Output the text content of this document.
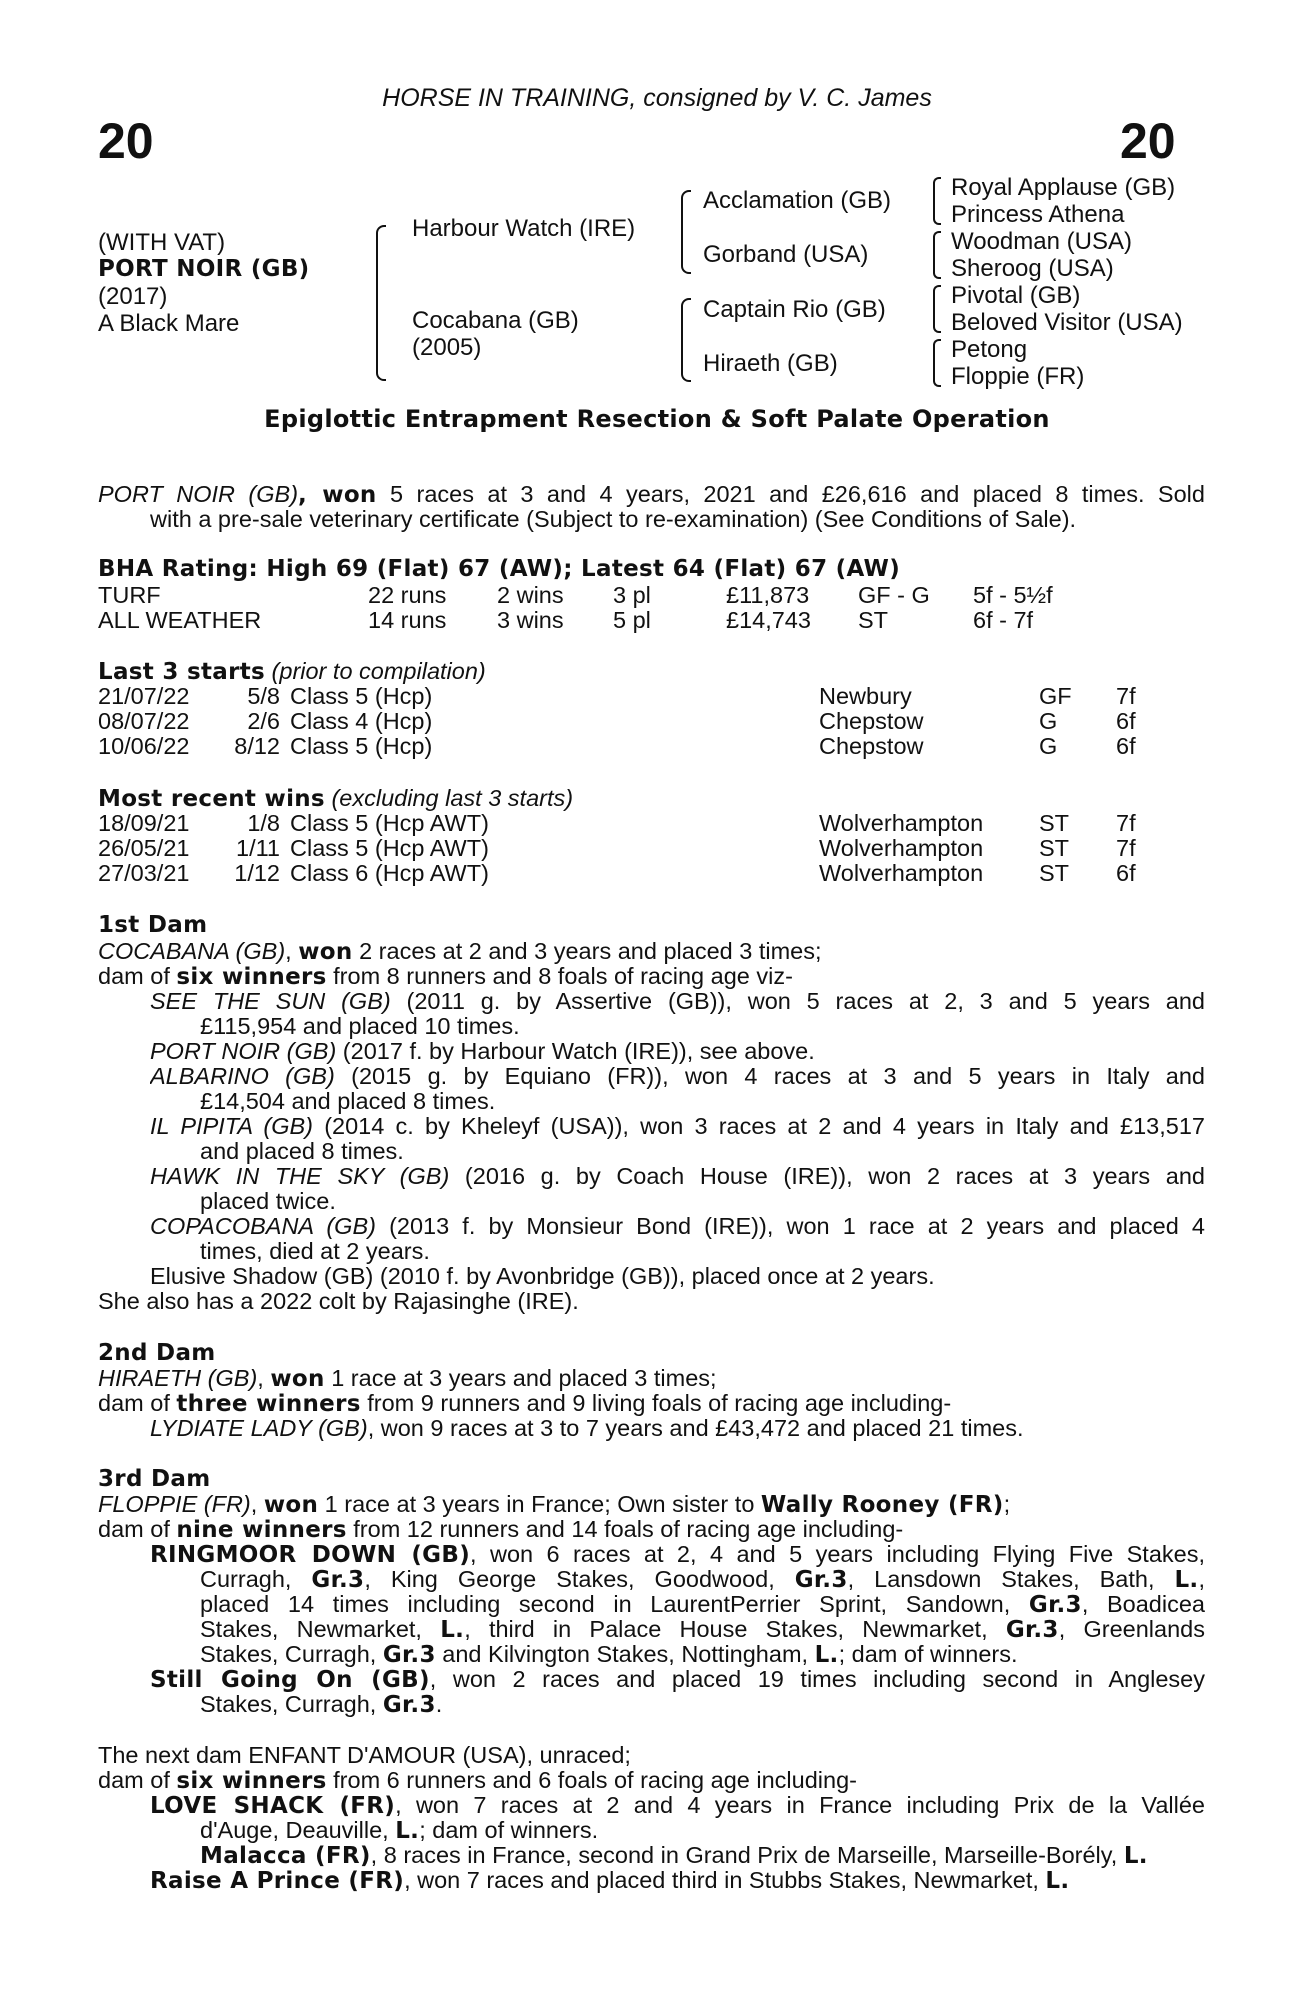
HORSE IN TRAINING, consigned by V. C. James
20	20
(WITH VAT)
PORT NOIR (GB)
(2017)
A Black Mare
Harbour Watch (IRE)
Cocabana (GB)
(2005)
Acclamation (GB)
Gorband (USA)
Captain Rio (GB)
Hiraeth (GB)
Royal Applause (GB)
Princess Athena
Woodman (USA)
Sheroog (USA)
Pivotal (GB)
Beloved Visitor (USA)
Petong
Floppie (FR)
Epiglottic Entrapment Resection & Soft Palate Operation
PORT NOIR (GB), won 5 races at 3 and 4 years, 2021 and £26,616 and placed 8 times. Sold
with a pre-sale veterinary certificate (Subject to re-examination) (See Conditions of Sale).
BHA Rating: High 69 (Flat) 67 (AW); Latest 64 (Flat) 67 (AW)
TURF	22 runs 2 wins 3 pl	£11,873 GF - G 5f - 5½f
ALL WEATHER	14 runs 3 wins 5 pl	£14,743 ST	6f - 7f
Last 3 starts (prior to compilation)
21/07/22	5/8 Class 5 (Hcp)	Newbury	GF 7f
08/07/22	2/6 Class 4 (Hcp)	Chepstow	G 6f
10/06/22	8/12 Class 5 (Hcp)	Chepstow	G 6f
Most recent wins (excluding last 3 starts)
18/09/21	1/8 Class 5 (Hcp AWT)	Wolverhampton ST 7f
26/05/21	1/11 Class 5 (Hcp AWT)	Wolverhampton ST 7f
27/03/21	1/12 Class 6 (Hcp AWT)	Wolverhampton ST 6f
1st Dam
COCABANA (GB), won 2 races at 2 and 3 years and placed 3 times;
dam of six winners from 8 runners and 8 foals of racing age viz-
SEE THE SUN (GB) (2011 g. by Assertive (GB)), won 5 races at 2, 3 and 5 years and
£115,954 and placed 10 times.
PORT NOIR (GB) (2017 f. by Harbour Watch (IRE)), see above.
ALBARINO (GB) (2015 g. by Equiano (FR)), won 4 races at 3 and 5 years in Italy and
£14,504 and placed 8 times.
IL PIPITA (GB) (2014 c. by Kheleyf (USA)), won 3 races at 2 and 4 years in Italy and £13,517
and placed 8 times.
HAWK IN THE SKY (GB) (2016 g. by Coach House (IRE)), won 2 races at 3 years and
placed twice.
COPACOBANA (GB) (2013 f. by Monsieur Bond (IRE)), won 1 race at 2 years and placed 4
times, died at 2 years.
Elusive Shadow (GB) (2010 f. by Avonbridge (GB)), placed once at 2 years.
She also has a 2022 colt by Rajasinghe (IRE).
2nd Dam
HIRAETH (GB), won 1 race at 3 years and placed 3 times;
dam of three winners from 9 runners and 9 living foals of racing age including-
LYDIATE LADY (GB), won 9 races at 3 to 7 years and £43,472 and placed 21 times.
3rd Dam
FLOPPIE (FR), won 1 race at 3 years in France; Own sister to Wally Rooney (FR);
dam of nine winners from 12 runners and 14 foals of racing age including-
RINGMOOR DOWN (GB), won 6 races at 2, 4 and 5 years including Flying Five Stakes,
Curragh, Gr.3, King George Stakes, Goodwood, Gr.3, Lansdown Stakes, Bath, L.,
placed 14 times including second in LaurentPerrier Sprint, Sandown, Gr.3, Boadicea
Stakes, Newmarket, L., third in Palace House Stakes, Newmarket, Gr.3, Greenlands
Stakes, Curragh, Gr.3 and Kilvington Stakes, Nottingham, L.; dam of winners.
Still Going On (GB), won 2 races and placed 19 times including second in Anglesey
Stakes, Curragh, Gr.3.
The next dam ENFANT D'AMOUR (USA), unraced;
dam of six winners from 6 runners and 6 foals of racing age including-
LOVE SHACK (FR), won 7 races at 2 and 4 years in France including Prix de la Vallée
d'Auge, Deauville, L.; dam of winners.
Malacca (FR), 8 races in France, second in Grand Prix de Marseille, Marseille-Borély, L.
Raise A Prince (FR), won 7 races and placed third in Stubbs Stakes, Newmarket, L.
